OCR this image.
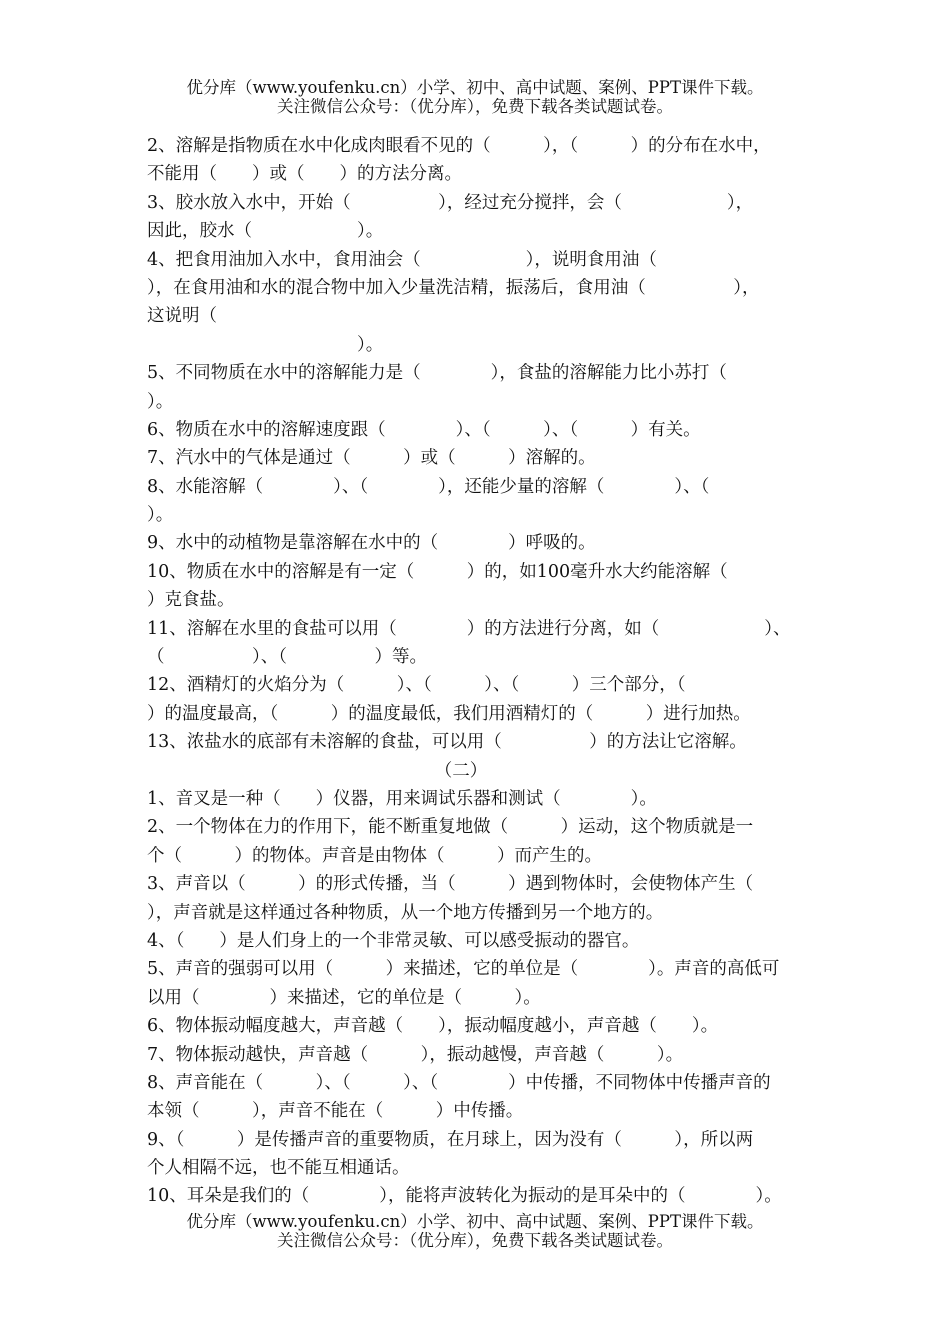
优分库（www.youfenku.cn）小学、初中、高中试题、案例、PPT课件下载。
关注微信公众号：（优分库），免费下载各类试题试卷。
2、溶解是指物质在水中化成肉眼看不见的（　　　），（　　　）的分布在水中，
不能用（　　）或（　　）的方法分离。
3、胶水放入水中，开始（　　　　　），经过充分搅拌，会（　　　　　　），
因此，胶水（　　　　　　）。
4、把食用油加入水中，食用油会（　　　　　　），说明食用油（
），在食用油和水的混合物中加入少量洗洁精，振荡后，食用油（　　　　　），
这说明（
　　　　　　　　　　　　）。
5、不同物质在水中的溶解能力是（　　　　），食盐的溶解能力比小苏打（
）。
6、物质在水中的溶解速度跟（　　　　）、（　　　）、（　　　）有关。
7、汽水中的气体是通过（　　　）或（　　　）溶解的。
8、水能溶解（　　　　）、（　　　　），还能少量的溶解（　　　　）、（
）。
9、水中的动植物是靠溶解在水中的（　　　　）呼吸的。
10、物质在水中的溶解是有一定（　　　）的，如100毫升水大约能溶解（
）克食盐。
11、溶解在水里的食盐可以用（　　　　）的方法进行分离，如（　　　　　　）、
（　　　　　）、（　　　　　）等。
12、酒精灯的火焰分为（　　　）、（　　　）、（　　　）三个部分，（
）的温度最高，（　　　）的温度最低，我们用酒精灯的（　　　）进行加热。
13、浓盐水的底部有未溶解的食盐，可以用（　　　　　）的方法让它溶解。
（二）
1、音叉是一种（　　）仪器，用来调试乐器和测试（　　　　）。
2、一个物体在力的作用下，能不断重复地做（　　　）运动，这个物质就是一
个（　　　）的物体。声音是由物体（　　　）而产生的。
3、声音以（　　　）的形式传播，当（　　　）遇到物体时，会使物体产生（
），声音就是这样通过各种物质，从一个地方传播到另一个地方的。
4、（　　）是人们身上的一个非常灵敏、可以感受振动的器官。
5、声音的强弱可以用（　　　）来描述，它的单位是（　　　　）。声音的高低可
以用（　　　　）来描述，它的单位是（　　　）。
6、物体振动幅度越大，声音越（　　），振动幅度越小，声音越（　　）。
7、物体振动越快，声音越（　　　），振动越慢，声音越（　　　）。
8、声音能在（　　　）、（　　　）、（　　　　）中传播，不同物体中传播声音的
本领（　　　），声音不能在（　　　）中传播。
9、（　　　）是传播声音的重要物质，在月球上，因为没有（　　　），所以两
个人相隔不远，也不能互相通话。
10、耳朵是我们的（　　　　），能将声波转化为振动的是耳朵中的（　　　　）。
优分库（www.youfenku.cn）小学、初中、高中试题、案例、PPT课件下载。
关注微信公众号：（优分库），免费下载各类试题试卷。
